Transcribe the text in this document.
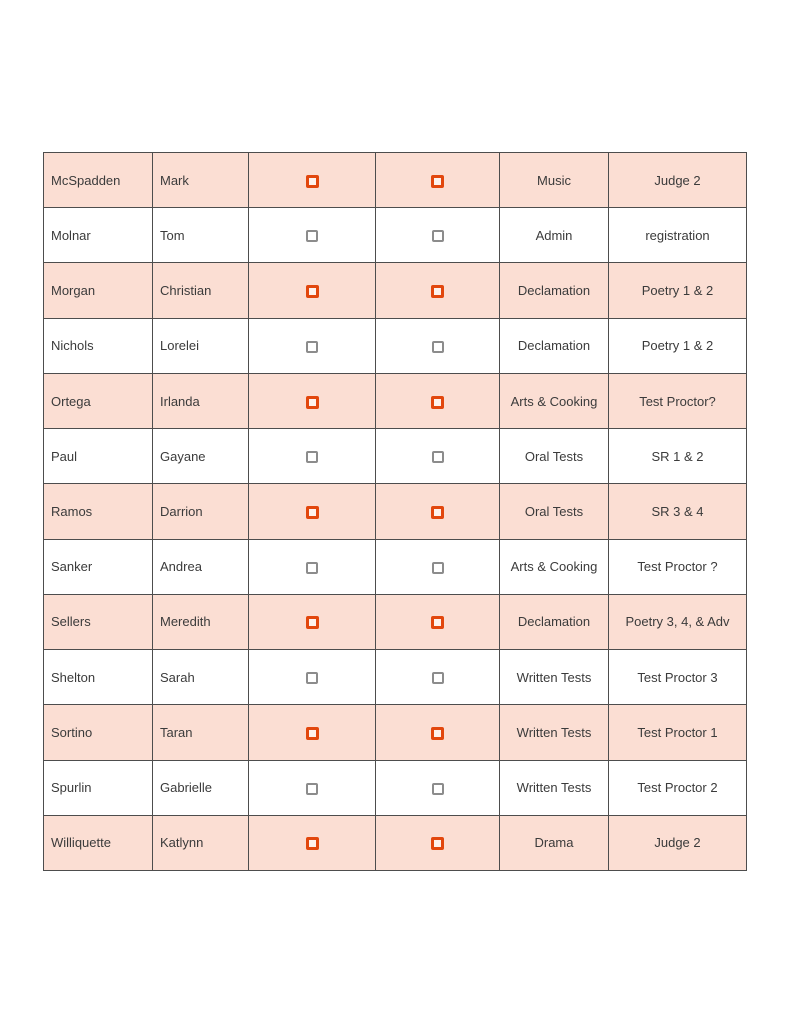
McSpadden	Mark			Music	Judge 2
Molnar	Tom			Admin	registration
Morgan	Christian			Declamation	Poetry 1 & 2
Nichols	Lorelei			Declamation	Poetry 1 & 2
Ortega	Irlanda			Arts & Cooking	Test Proctor?
Paul	Gayane			Oral Tests	SR 1 & 2
Ramos	Darrion			Oral Tests	SR 3 & 4
Sanker	Andrea			Arts & Cooking	Test Proctor ?
Sellers	Meredith			Declamation	Poetry 3, 4, & Adv
Shelton	Sarah			Written Tests	Test Proctor 3
Sortino	Taran			Written Tests	Test Proctor 1
Spurlin	Gabrielle			Written Tests	Test Proctor 2
Williquette	Katlynn			Drama	Judge 2
